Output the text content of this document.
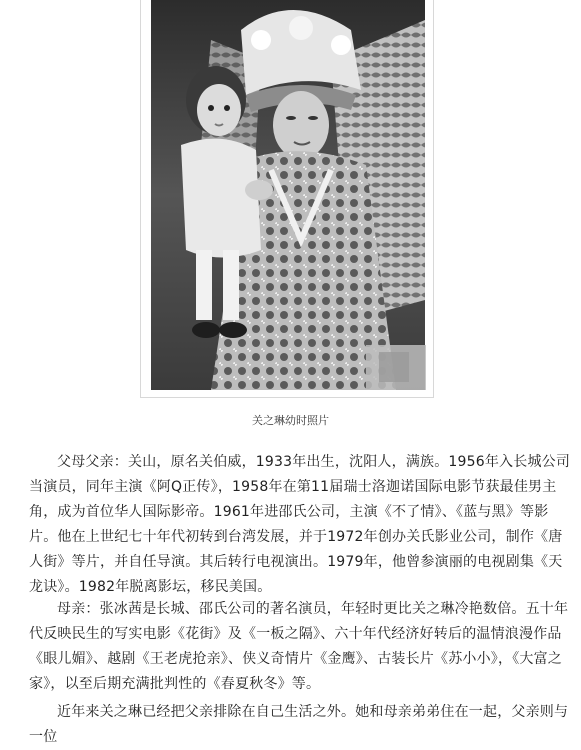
关之琳幼时照片

父母父亲：关山，原名关伯威，1933年出生，沈阳人，满族。1956年入长城公司当演员，同年主演《阿Q正传》，1958年在第11届瑞士洛迦诺国际电影节获最佳男主角，成为首位华人国际影帝。1961年进邵氏公司，主演《不了情》、《蓝与黑》等影片。他在上世纪七十年代初转到台湾发展，并于1972年创办关氏影业公司，制作《唐人街》等片，并自任导演。其后转行电视演出。1979年，他曾参演丽的电视剧集《天龙诀》。1982年脱离影坛，移民美国。

母亲：张冰茜是长城、邵氏公司的著名演员，年轻时更比关之琳冷艳数倍。五十年代反映民生的写实电影《花街》及《一板之隔》、六十年代经济好转后的温情浪漫作品《眼儿媚》、越剧《王老虎抢亲》、侠义奇情片《金鹰》、古装长片《苏小小》，《大富之家》，以至后期充满批判性的《春夏秋冬》等。

近年来关之琳已经把父亲排除在自己生活之外。她和母亲弟弟住在一起，父亲则与一位
